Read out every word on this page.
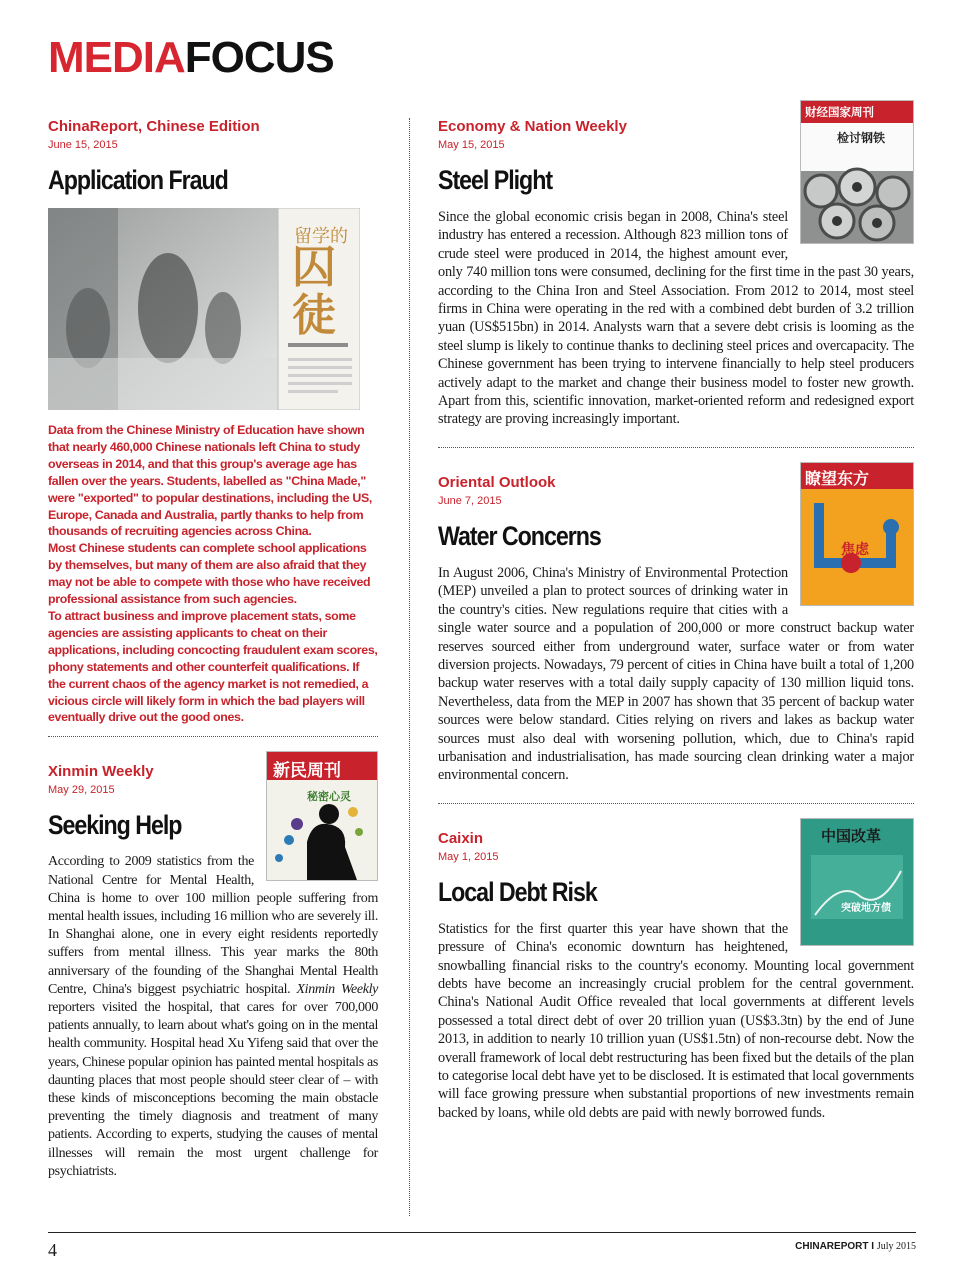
MEDIAFOCUS
ChinaReport, Chinese Edition
June 15, 2015
Application Fraud
留学的
囚
徒

Data from the Chinese Ministry of Education have shown that nearly 460,000 Chinese nationals left China to study overseas in 2014, and that this group's average age has fallen over the years. Students, labelled as "China Made," were "exported" to popular destinations, including the US, Europe, Canada and Australia, partly thanks to help from thousands of recruiting agencies across China.

Most Chinese students can complete school applications by themselves, but many of them are also afraid that they may not be able to compete with those who have received professional assistance from such agencies.

To attract business and improve placement stats, some agencies are assisting applicants to cheat on their applications, including concocting fraudulent exam scores, phony statements and other counterfeit qualifications. If the current chaos of the agency market is not remedied, a vicious circle will likely form in which the bad players will eventually drive out the good ones.

新民周刊
秘密心灵
Xinmin Weekly
May 29, 2015
Seeking Help

According to 2009 statistics from the National Centre for Mental Health, China is home to over 100 million people suffering from mental health issues, including 16 million who are severely ill. In Shanghai alone, one in every eight residents reportedly suffers from mental illness. This year marks the 80th anniversary of the founding of the Shanghai Mental Health Centre, China's biggest psychiatric hospital. Xinmin Weekly reporters visited the hospital, that cares for over 700,000 patients annually, to learn about what's going on in the mental health community. Hospital head Xu Yifeng said that over the years, Chinese popular opinion has painted mental hospitals as daunting places that most people should steer clear of – with these kinds of misconceptions becoming the main obstacle preventing the timely diagnosis and treatment of many patients. According to experts, studying the causes of mental illnesses will remain the most urgent challenge for psychiatrists.

财经国家周刊
检讨钢铁
Economy & Nation Weekly
May 15, 2015
Steel Plight

Since the global economic crisis began in 2008, China's steel industry has entered a recession. Although 823 million tons of crude steel were produced in 2014, the highest amount ever, only 740 million tons were consumed, declining for the first time in the past 30 years, according to the China Iron and Steel Association. From 2012 to 2014, most steel firms in China were operating in the red with a combined debt burden of 3.2 trillion yuan (US$515bn) in 2014. Analysts warn that a severe debt crisis is looming as the steel slump is likely to continue thanks to declining steel prices and overcapacity. The Chinese government has been trying to intervene financially to help steel producers actively adapt to the market and change their business model to foster new growth. Apart from this, scientific innovation, market-oriented reform and redesigned export strategy are proving increasingly important.

瞭望东方
焦虑
Oriental Outlook
June 7, 2015
Water Concerns

In August 2006, China's Ministry of Environmental Protection (MEP) unveiled a plan to protect sources of drinking water in the country's cities. New regulations require that cities with a single water source and a population of 200,000 or more construct backup water reserves sourced either from underground water, surface water or from water diversion projects. Nowadays, 79 percent of cities in China have built a total of 1,200 backup water reserves with a total daily supply capacity of 130 million liquid tons. Nevertheless, data from the MEP in 2007 has shown that 35 percent of backup water sources were below standard. Cities relying on rivers and lakes as backup water sources must also deal with worsening pollution, which, due to China's rapid urbanisation and industrialisation, has made sourcing clean drinking water a major environmental concern.

中国改革
突破地方债
Caixin
May 1, 2015
Local Debt Risk

Statistics for the first quarter this year have shown that the pressure of China's economic downturn has heightened, snowballing financial risks to the country's economy. Mounting local government debts have become an increasingly crucial problem for the central government. China's National Audit Office revealed that local governments at different levels possessed a total direct debt of over 20 trillion yuan (US$3.3tn) by the end of June 2013, in addition to nearly 10 trillion yuan (US$1.5tn) of non-recourse debt. Now the overall framework of local debt restructuring has been fixed but the details of the plan to categorise local debt have yet to be disclosed. It is estimated that local governments will face growing pressure when substantial proportions of new investments remain backed by loans, while old debts are paid with newly borrowed funds.

4	CHINAREPORT I July 2015
